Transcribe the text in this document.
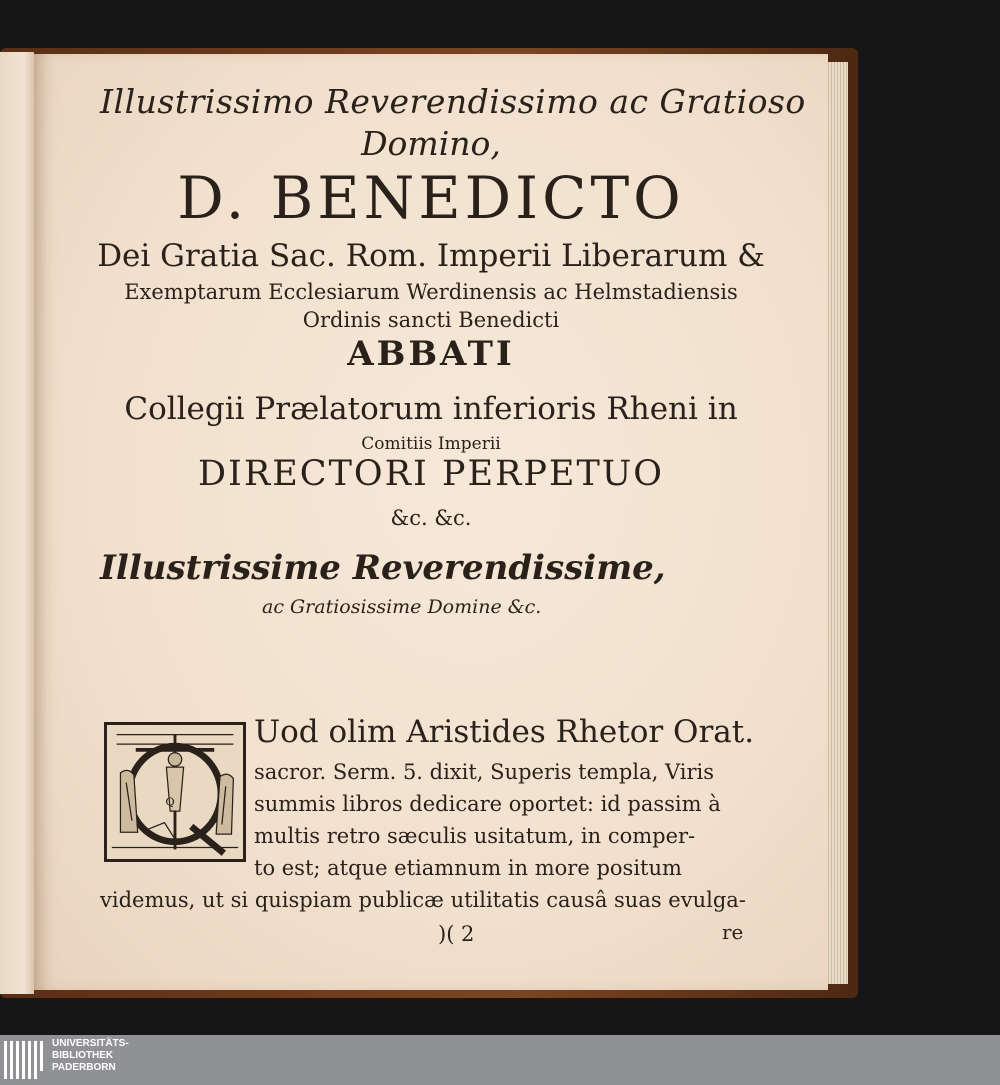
Illustrissimo Reverendissimo ac Gratioso
Domino,
D. BENEDICTO
Dei Gratia Sac. Rom. Imperii Liberarum &
Exemptarum Ecclesiarum Werdinensis ac Helmstadiensis
Ordinis sancti Benedicti
ABBATI
Collegii Prælatorum inferioris Rheni in
Comitiis Imperii
DIRECTORI PERPETUO
&c. &c.
Illustrissime Reverendissime,
ac Gratiosissime Domine &c.
Q
Uod olim Aristides Rhetor Orat.
sacror. Serm. 5. dixit, Superis templa, Viris
summis libros dedicare oportet: id passim à
multis retro sæculis usitatum, in comper-
to est; atque etiamnum in more positum
videmus, ut si quispiam publicæ utilitatis causâ suas evulga-
)( 2	re
UNIVERSITÄTS-
BIBLIOTHEK
PADERBORN
